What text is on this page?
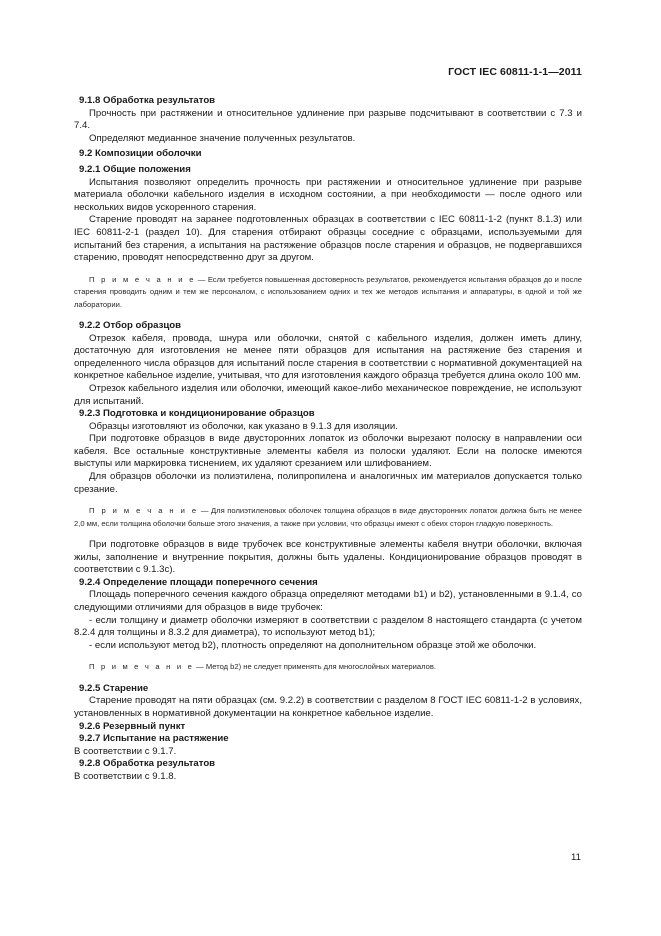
ГОСТ IEC 60811-1-1—2011

9.1.8 Обработка результатов

Прочность при растяжении и относительное удлинение при разрыве подсчитывают в соответствии с 7.3 и 7.4.

Определяют медианное значение полученных результатов.

9.2 Композиции оболочки

9.2.1 Общие положения

Испытания позволяют определить прочность при растяжении и относительное удлинение при разрыве материала оболочки кабельного изделия в исходном состоянии, а при необходимости — после одного или нескольких видов ускоренного старения.

Старение проводят на заранее подготовленных образцах в соответствии с IEC 60811-1-2 (пункт 8.1.3) или IEC 60811-2-1 (раздел 10). Для старения отбирают образцы соседние с образцами, используемыми для испытаний без старения, а испытания на растяжение образцов после старения и образцов, не подвергавшихся старению, проводят непосредственно друг за другом.

П р и м е ч а н и е — Если требуется повышенная достоверность результатов, рекомендуется испытания образцов до и после старения проводить одним и тем же персоналом, с использованием одних и тех же методов испытания и аппаратуры, в одной и той же лаборатории.

9.2.2 Отбор образцов

Отрезок кабеля, провода, шнура или оболочки, снятой с кабельного изделия, должен иметь длину, достаточную для изготовления не менее пяти образцов для испытания на растяжение без старения и определенного числа образцов для испытаний после старения в соответствии с нормативной документацией на конкретное кабельное изделие, учитывая, что для изготовления каждого образца требуется длина около 100 мм.

Отрезок кабельного изделия или оболочки, имеющий какое-либо механическое повреждение, не используют для испытаний.

9.2.3 Подготовка и кондиционирование образцов

Образцы изготовляют из оболочки, как указано в 9.1.3 для изоляции.

При подготовке образцов в виде двусторонних лопаток из оболочки вырезают полоску в направлении оси кабеля. Все остальные конструктивные элементы кабеля из полоски удаляют. Если на полоске имеются выступы или маркировка тиснением, их удаляют срезанием или шлифованием.

Для образцов оболочки из полиэтилена, полипропилена и аналогичных им материалов допускается только срезание.

П р и м е ч а н и е — Для полиэтиленовых оболочек толщина образцов в виде двусторонних лопаток должна быть не менее 2,0 мм, если толщина оболочки больше этого значения, а также при условии, что образцы имеют с обеих сторон гладкую поверхность.

При подготовке образцов в виде трубочек все конструктивные элементы кабеля внутри оболочки, включая жилы, заполнение и внутренние покрытия, должны быть удалены. Кондиционирование образцов проводят в соответствии с 9.1.3с).

9.2.4 Определение площади поперечного сечения

Площадь поперечного сечения каждого образца определяют методами b1) и b2), установленными в 9.1.4, со следующими отличиями для образцов в виде трубочек:

- если толщину и диаметр оболочки измеряют в соответствии с разделом 8 настоящего стандарта (с учетом 8.2.4 для толщины и 8.3.2 для диаметра), то используют метод b1);

- если используют метод b2), плотность определяют на дополнительном образце этой же оболочки.

П р и м е ч а н и е — Метод b2) не следует применять для многослойных материалов.

9.2.5 Старение

Старение проводят на пяти образцах (см. 9.2.2) в соответствии с разделом 8 ГОСТ IEC 60811-1-2 в условиях, установленных в нормативной документации на конкретное кабельное изделие.

9.2.6 Резервный пункт

9.2.7 Испытание на растяжение

В соответствии с 9.1.7.

9.2.8 Обработка результатов

В соответствии с 9.1.8.

11
